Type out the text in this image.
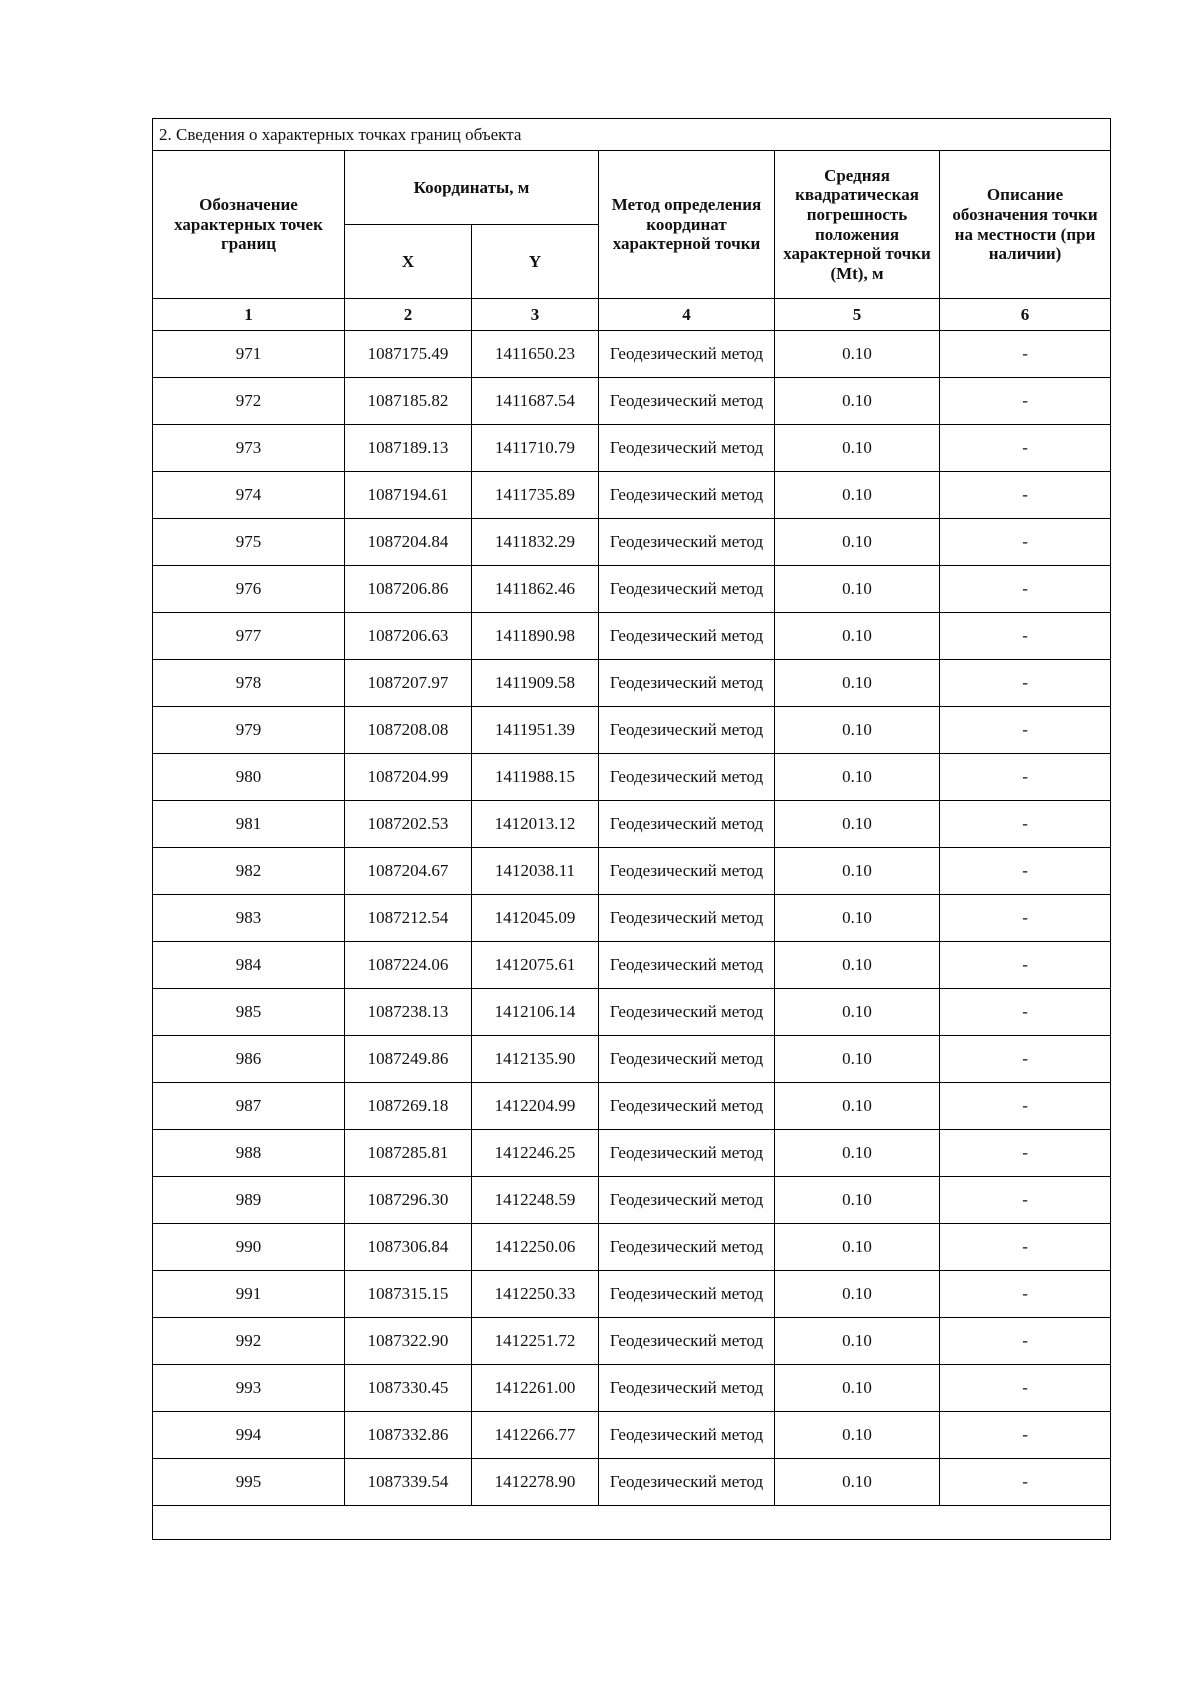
2. Сведения о характерных точках границ объекта					
Обозначение характерных точек границ	Координаты, м		Метод определения координат характерной точки	Средняя квадратическая погрешность положения характерной точки (Mt), м	Описание обозначения точки на местности (при наличии)
	X	Y			
1	2	3	4	5	6
971	1087175.49	1411650.23	Геодезический метод	0.10	-
972	1087185.82	1411687.54	Геодезический метод	0.10	-
973	1087189.13	1411710.79	Геодезический метод	0.10	-
974	1087194.61	1411735.89	Геодезический метод	0.10	-
975	1087204.84	1411832.29	Геодезический метод	0.10	-
976	1087206.86	1411862.46	Геодезический метод	0.10	-
977	1087206.63	1411890.98	Геодезический метод	0.10	-
978	1087207.97	1411909.58	Геодезический метод	0.10	-
979	1087208.08	1411951.39	Геодезический метод	0.10	-
980	1087204.99	1411988.15	Геодезический метод	0.10	-
981	1087202.53	1412013.12	Геодезический метод	0.10	-
982	1087204.67	1412038.11	Геодезический метод	0.10	-
983	1087212.54	1412045.09	Геодезический метод	0.10	-
984	1087224.06	1412075.61	Геодезический метод	0.10	-
985	1087238.13	1412106.14	Геодезический метод	0.10	-
986	1087249.86	1412135.90	Геодезический метод	0.10	-
987	1087269.18	1412204.99	Геодезический метод	0.10	-
988	1087285.81	1412246.25	Геодезический метод	0.10	-
989	1087296.30	1412248.59	Геодезический метод	0.10	-
990	1087306.84	1412250.06	Геодезический метод	0.10	-
991	1087315.15	1412250.33	Геодезический метод	0.10	-
992	1087322.90	1412251.72	Геодезический метод	0.10	-
993	1087330.45	1412261.00	Геодезический метод	0.10	-
994	1087332.86	1412266.77	Геодезический метод	0.10	-
995	1087339.54	1412278.90	Геодезический метод	0.10	-
